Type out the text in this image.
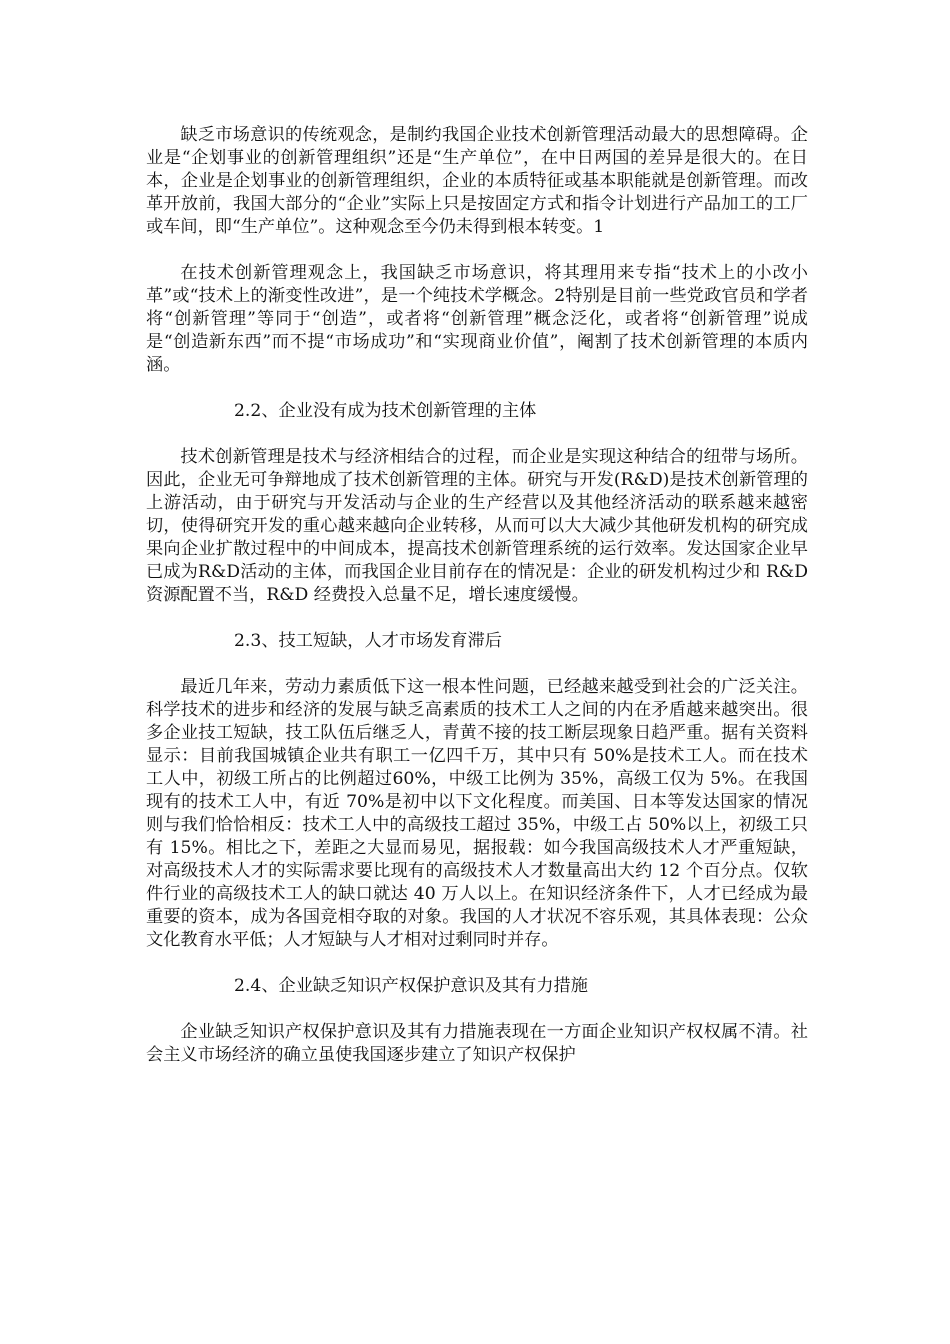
缺乏市场意识的传统观念，是制约我国企业技术创新管理活动最大的思想障碍。企业是“企划事业的创新管理组织”还是“生产单位”，在中日两国的差异是很大的。在日本，企业是企划事业的创新管理组织，企业的本质特征或基本职能就是创新管理。而改革开放前，我国大部分的“企业”实际上只是按固定方式和指令计划进行产品加工的工厂或车间，即“生产单位”。这种观念至今仍未得到根本转变。1

在技术创新管理观念上，我国缺乏市场意识，将其理用来专指“技术上的小改小革”或“技术上的渐变性改进”，是一个纯技术学概念。2特别是目前一些党政官员和学者将“创新管理”等同于“创造”，或者将“创新管理”概念泛化，或者将“创新管理”说成是“创造新东西”而不提“市场成功”和“实现商业价值”，阉割了技术创新管理的本质内涵。

2.2、企业没有成为技术创新管理的主体

技术创新管理是技术与经济相结合的过程，而企业是实现这种结合的纽带与场所。因此，企业无可争辩地成了技术创新管理的主体。研究与开发(R&D)是技术创新管理的上游活动，由于研究与开发活动与企业的生产经营以及其他经济活动的联系越来越密切，使得研究开发的重心越来越向企业转移，从而可以大大减少其他研发机构的研究成果向企业扩散过程中的中间成本，提高技术创新管理系统的运行效率。发达国家企业早已成为R&D活动的主体，而我国企业目前存在的情况是：企业的研发机构过少和 R&D 资源配置不当，R&D 经费投入总量不足，增长速度缓慢。

2.3、技工短缺，人才市场发育滞后

最近几年来，劳动力素质低下这一根本性问题，已经越来越受到社会的广泛关注。科学技术的进步和经济的发展与缺乏高素质的技术工人之间的内在矛盾越来越突出。很多企业技工短缺，技工队伍后继乏人，青黄不接的技工断层现象日趋严重。据有关资料显示：目前我国城镇企业共有职工一亿四千万，其中只有 50%是技术工人。而在技术工人中，初级工所占的比例超过60%，中级工比例为 35%，高级工仅为 5%。在我国现有的技术工人中，有近 70%是初中以下文化程度。而美国、日本等发达国家的情况则与我们恰恰相反：技术工人中的高级技工超过 35%，中级工占 50%以上，初级工只有 15%。相比之下，差距之大显而易见，据报载：如今我国高级技术人才严重短缺，对高级技术人才的实际需求要比现有的高级技术人才数量高出大约 12 个百分点。仅软件行业的高级技术工人的缺口就达 40 万人以上。在知识经济条件下，人才已经成为最重要的资本，成为各国竞相夺取的对象。我国的人才状况不容乐观，其具体表现：公众文化教育水平低；人才短缺与人才相对过剩同时并存。

2.4、企业缺乏知识产权保护意识及其有力措施

企业缺乏知识产权保护意识及其有力措施表现在一方面企业知识产权权属不清。社会主义市场经济的确立虽使我国逐步建立了知识产权保护
